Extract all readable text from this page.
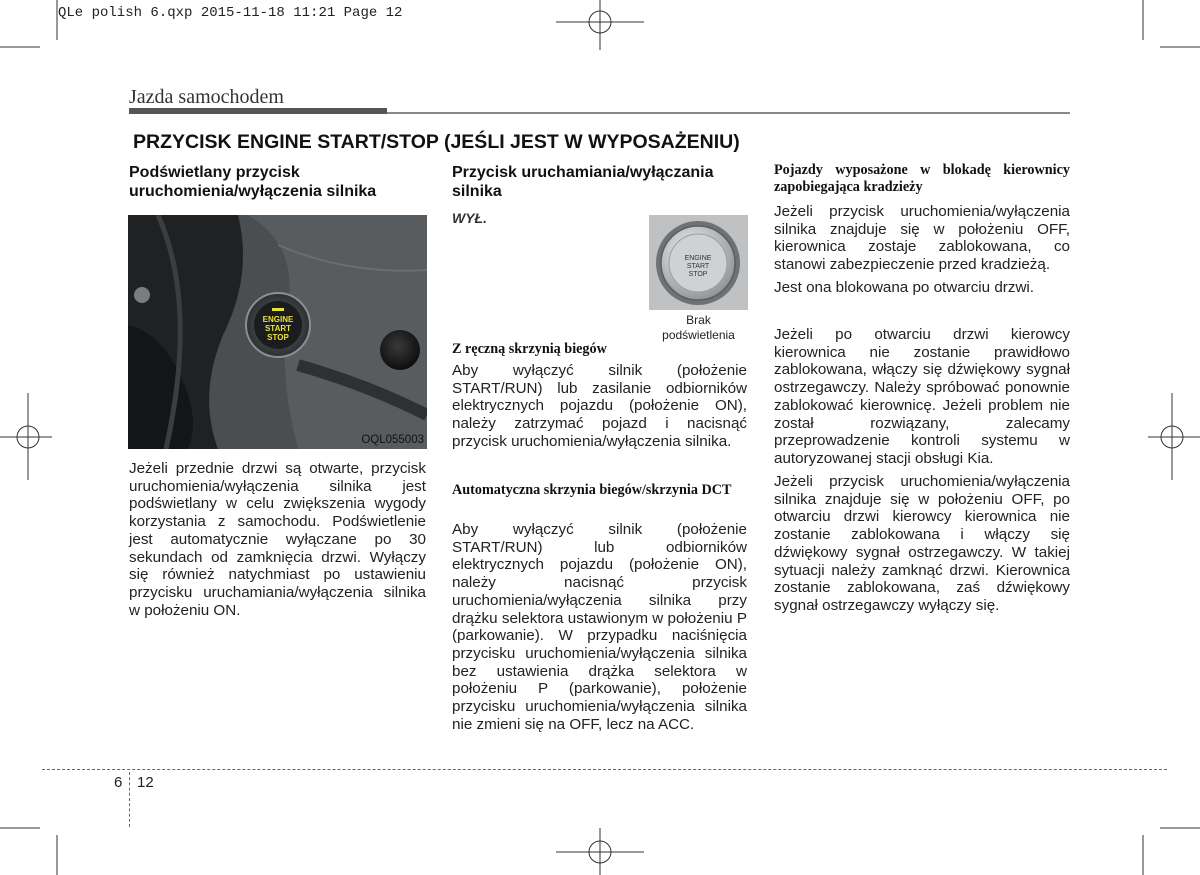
QLe polish 6.qxp 2015-11-18 11:21 Page 12
Jazda samochodem
PRZYCISK ENGINE START/STOP (JEŚLI JEST W WYPOSAŻENIU)
Podświetlany przycisk uruchomienia/wyłączenia silnika
ENGINE
START
STOP
OQL055003
Jeżeli przednie drzwi są otwarte, przycisk uruchomienia/wyłączenia silnika jest podświetlany w celu zwiększenia wygody korzystania z samochodu. Podświetlenie jest automatycznie wyłączane po 30 sekundach od zamknięcia drzwi. Wyłączy się również natychmiast po ustawieniu przycisku uruchamiania/wyłączenia silnika w położeniu ON.
Przycisk uruchamiania/wyłączania silnika
WYŁ.
ENGINE
START
STOP
Brak podświetlenia
Z ręczną skrzynią biegów
Aby wyłączyć silnik (położenie START/RUN) lub zasilanie odbiorników elektrycznych pojazdu (położenie ON), należy zatrzymać pojazd i nacisnąć przycisk uruchomienia/wyłączenia silnika.
Automatyczna skrzynia biegów/skrzynia DCT
Aby wyłączyć silnik (położenie START/RUN) lub odbiorników elektrycznych pojazdu (położenie ON), należy nacisnąć przycisk uruchomienia/wyłączenia silnika przy drążku selektora ustawionym w położeniu P (parkowanie). W przypadku naciśnięcia przycisku uruchomienia/wyłączenia silnika bez ustawienia drążka selektora w położeniu P (parkowanie), położenie przycisku uruchomienia/wyłączenia silnika nie zmieni się na OFF, lecz na ACC.
Pojazdy wyposażone w blokadę kierownicy zapobiegająca kradzieży
Jeżeli przycisk uruchomienia/wyłączenia silnika znajduje się w położeniu OFF, kierownica zostaje zablokowana, co stanowi zabezpieczenie przed kradzieżą.
Jest ona blokowana po otwarciu drzwi.
Jeżeli po otwarciu drzwi kierowcy kierownica nie zostanie prawidłowo zablokowana, włączy się dźwiękowy sygnał ostrzegawczy. Należy spróbować ponownie zablokować kierownicę. Jeżeli problem nie został rozwiązany, zalecamy przeprowadzenie kontroli systemu w autoryzowanej stacji obsługi Kia.
Jeżeli przycisk uruchomienia/wyłączenia silnika znajduje się w położeniu OFF, po otwarciu drzwi kierowcy kierownica nie zostanie zablokowana i włączy się dźwiękowy sygnał ostrzegawczy. W takiej sytuacji należy zamknąć drzwi. Kierownica zostanie zablokowana, zaś dźwiękowy sygnał ostrzegawczy wyłączy się.
6 12
